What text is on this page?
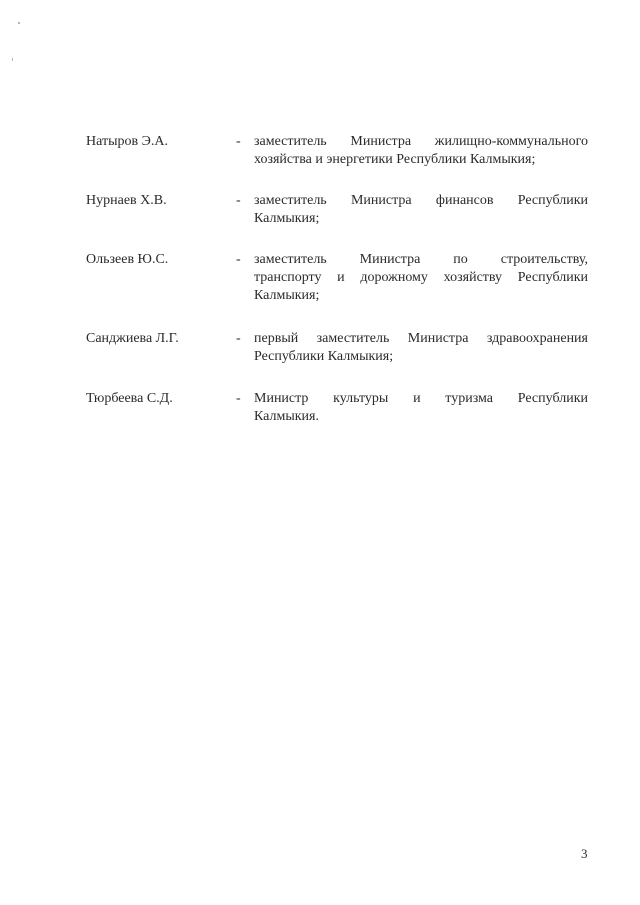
Натыров Э.А.	- заместитель Министра жилищно-коммунального
хозяйства и энергетики Республики Калмыкия;
Нурнаев Х.В.	- заместитель Министра финансов Республики
Калмыкия;
Ользеев Ю.С.	- заместитель Министра по строительству,
транспорту и дорожному хозяйству Республики
Калмыкия;
Санджиева Л.Г.	- первый заместитель Министра здравоохранения
Республики Калмыкия;
Тюрбеева С.Д.	- Министр культуры и туризма Республики
Калмыкия.
3
